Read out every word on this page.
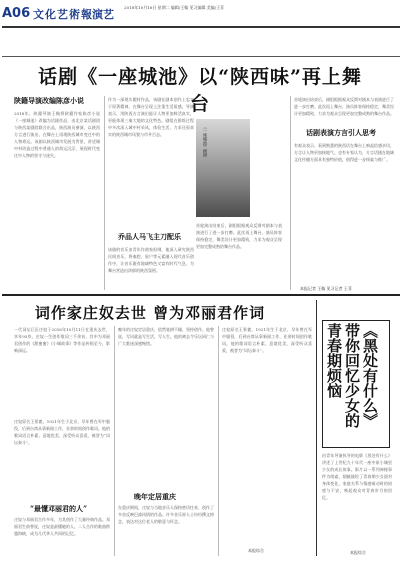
A06 文化艺術報 演艺
2018年10月16日 星期二 编辑/王翰 见习编辑 美编/王菲
话剧《一座城池》以“陕西味”再上舞台
陕籍导演改编陈彦小说
2018年，陕籍导演王翰将陕籍作家陈彦小说《一座城池》改编为话剧作品，由北京某话剧团与陕西某剧院联合出品，陕西演员参演，以陕西方言进行演出，在舞台上再现陕西城市变迁中的人物命运。该剧以陕西城市发展为背景，讲述城中村改造过程中普通人的命运沉浮，展现时代变迁中人物的坚守与迷失。
作为一部现实题材作品，该剧在剧本创作上忠实于原著精神，在舞台呈现上注重生活质感。导演表示，用陕西方言演出能让人物更加鲜活真实，更能体现三秦大地的文化特色。剧组在排练过程中多次深入城中村采风，体验生活，力求还原真实的陕西城市风貌与市井百态。
乔品人马飞主刀配乐
该剧的音乐由青年作曲家担纲，他深入研究陕西民间音乐，将秦腔、眉户等元素融入现代音乐创作中，让音乐既有地域特色又富有时代气息，为舞台营造出浓郁的陕西氛围。
《一座城池》剧照
首轮演出结束后，剧组根据观众反馈对剧本与表演进行了进一步打磨。此次再上舞台，演员阵容保持稳定，舞美设计更加精致，力求为观众呈现更加完整成熟的舞台作品。
首轮演出结束后，剧组根据观众反馈对剧本与表演进行了进一步打磨。此次再上舞台，演员阵容保持稳定，舞美设计更加精致，力求为观众呈现更加完整成熟的舞台作品。
话剧表演方言引人思考
有观众表示，看到熟悉的陕西话在舞台上响起倍感亲切，方言让人物更加接地气。也有专家认为，方言话剧在地域文化传播方面具有独特价值，值得进一步探索与推广。
本报记者 王翰 见习记者 王菲
词作家庄奴去世 曾为邓丽君作词
一代词坛巨匠庄奴于2016年10月11日在重庆去世，享年95岁。庄奴一生创作歌词三千余首，其中为邓丽君创作的《甜蜜蜜》《小城故事》等作品传唱至今，影响深远。
庄奴原名王景羲，1921年生于北京，早年曾在军中服役，后到台湾从事新闻工作，业余时间创作歌词。他的歌词语言朴素、意境优美，深受听众喜爱，被誉为“词坛泰斗”。
“最懂邓丽君的人”
庄奴与邓丽君合作多年，为其创作了大量经典作品。邓丽君生前曾说，庄奴是最懂她的人。二人合作的歌曲跨越海峡，成为几代华人共同的记忆。
晚年的庄奴定居重庆，依然笔耕不辍，坚持创作。他曾说，写词就是写生活，写人生。他的离去令乐坛同仁与广大歌迷深感惋惜。
晚年定居重庆
在重庆期间，庄奴与当地音乐人保持密切往来，创作了多首反映巴渝风情的作品。许多音乐界人士纷纷撰文悼念，表达对这位老人的敬意与怀念。
庄奴原名王景羲，1921年生于北京，早年曾在军中服役，后到台湾从事新闻工作，业余时间创作歌词。他的歌词语言朴素、意境优美，深受听众喜爱，被誉为“词坛泰斗”。
本报综合
《黑处有什么》带你回忆少女的青春期烦恼
由青年导演执导的电影《黑处有什么》讲述了上世纪九十年代一座中原小城里少女的成长故事。影片以一系列神秘事件为线索，细腻描绘了青春期少女面对身体变化、家庭关系与情感萌动时的困惑与不安，唤起观众对青春岁月的回忆。
本报综合
